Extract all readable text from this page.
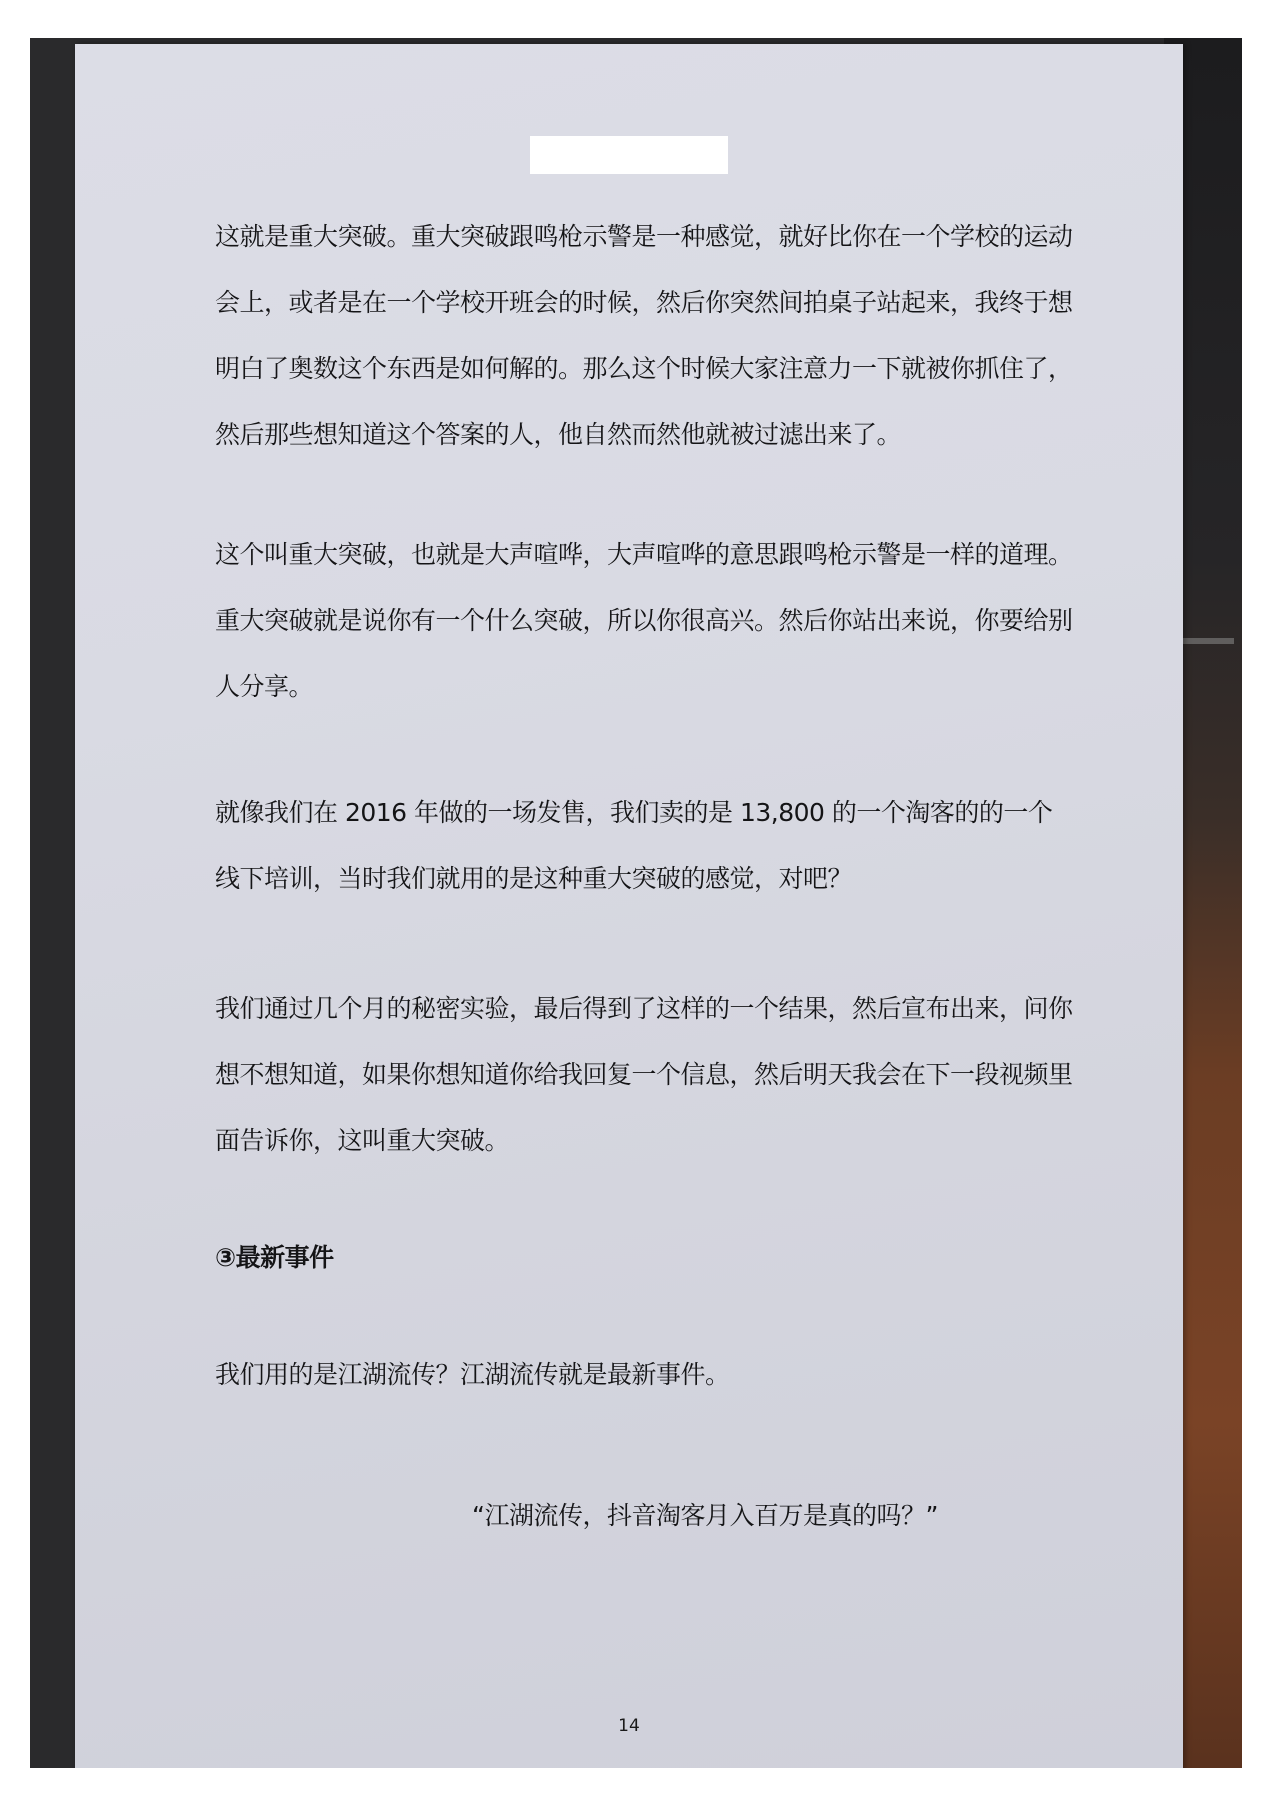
这就是重大突破。重大突破跟鸣枪示警是一种感觉，就好比你在一个学校的运动会上，或者是在一个学校开班会的时候，然后你突然间拍桌子站起来，我终于想明白了奥数这个东西是如何解的。那么这个时候大家注意力一下就被你抓住了，然后那些想知道这个答案的人，他自然而然他就被过滤出来了。

这个叫重大突破，也就是大声喧哗，大声喧哗的意思跟鸣枪示警是一样的道理。重大突破就是说你有一个什么突破，所以你很高兴。然后你站出来说，你要给别人分享。

就像我们在 2016 年做的一场发售，我们卖的是 13,800 的一个淘客的的一个线下培训，当时我们就用的是这种重大突破的感觉，对吧？

我们通过几个月的秘密实验，最后得到了这样的一个结果，然后宣布出来，问你想不想知道，如果你想知道你给我回复一个信息，然后明天我会在下一段视频里面告诉你，这叫重大突破。

③最新事件

我们用的是江湖流传？江湖流传就是最新事件。

“江湖流传，抖音淘客月入百万是真的吗？”

14
